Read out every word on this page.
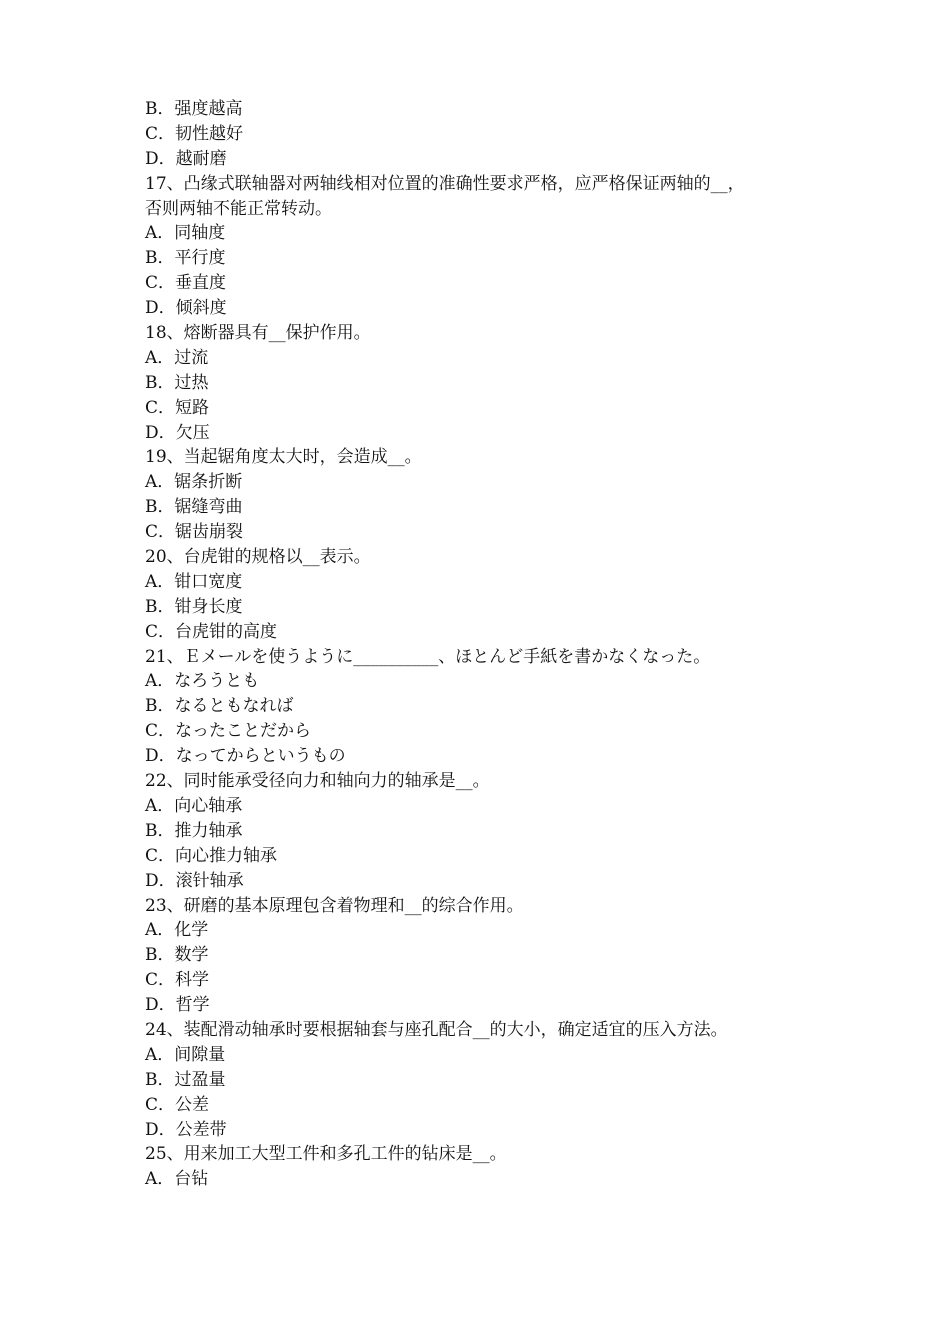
B．强度越高
C．韧性越好
D．越耐磨
17、凸缘式联轴器对两轴线相对位置的准确性要求严格，应严格保证两轴的__，
否则两轴不能正常转动。
A．同轴度
B．平行度
C．垂直度
D．倾斜度
18、熔断器具有__保护作用。
A．过流
B．过热
C．短路
D．欠压
19、当起锯角度太大时，会造成__。
A．锯条折断
B．锯缝弯曲
C．锯齿崩裂
20、台虎钳的规格以__表示。
A．钳口宽度
B．钳身长度
C．台虎钳的高度
21、Ｅメールを使うように__________、ほとんど手紙を書かなくなった。
A．なろうとも
B．なるともなれば
C．なったことだから
D．なってからというもの
22、同时能承受径向力和轴向力的轴承是__。
A．向心轴承
B．推力轴承
C．向心推力轴承
D．滚针轴承
23、研磨的基本原理包含着物理和__的综合作用。
A．化学
B．数学
C．科学
D．哲学
24、装配滑动轴承时要根据轴套与座孔配合__的大小，确定适宜的压入方法。
A．间隙量
B．过盈量
C．公差
D．公差带
25、用来加工大型工件和多孔工件的钻床是__。
A．台钻
